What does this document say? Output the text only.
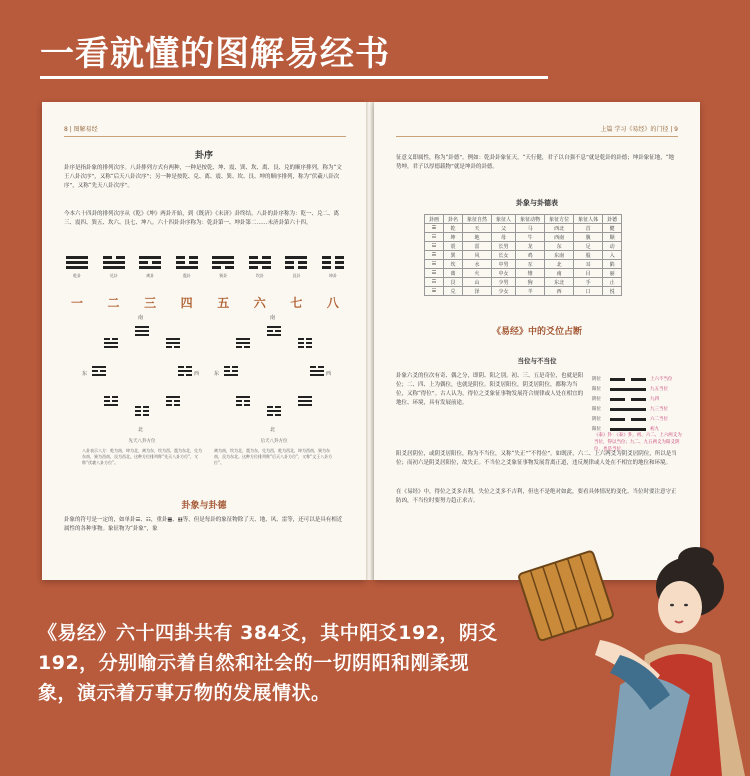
一看就懂的图解易经书
8 | 图解易经
卦序
卦序是指卦象的排列次序。八卦排列方式有两种，一种是按乾、坤、震、巽、坎、离、艮、兑的顺序排列，称为“文王八卦次序”，又称“后天八卦次序”；另一种是按乾、兑、离、震、巽、坎、艮、坤的顺序排列，称为“伏羲八卦次序”，又称“先天八卦次序”。
今本六十四卦的排列次序从《乾》《坤》两卦开始，到《既济》《未济》卦终结。八卦的卦序称为：乾一、兑二、离三、震四、巽五、坎六、艮七、坤八。六十四卦卦序称为：乾卦第一、坤卦第二……未济卦第六十四。
乾卦	兑卦	离卦	震卦	巽卦	坎卦	艮卦	坤卦
一	二	三	四	五	六	七	八
南
北
东	西
先天八卦方位
八卦表示八方：乾为南，坤为北，离为东，坎为西，震为东北，兑为东南，巽为西南，艮为西北。这种方位排列称“先天八卦方位”，又称“伏羲八卦方位”。
南
北
东	西
后天八卦方位
离为南，坎为北，震为东，兑为西，乾为西北，坤为西南，巽为东南，艮为东北。这种方位排列称“后天八卦方位”，又称“文王八卦方位”。
卦象与卦德
卦象的符号是一定的，如单卦☰、☷，重卦䷀、䷁等，但是每卦的象征物除了天、地、风、雷等，还可以是具有相近属性的各种事物。象征物为“卦象”，象
上篇 学习《易经》的门径 | 9
征意义即属性，称为“卦德”。例如：乾卦卦象征天，“天行健，君子以自强不息”就是乾卦的卦德；坤卦象征地，“地势坤，君子以厚德载物”就是坤卦的卦德。
卦象与卦德表
卦画	卦名	象征自然	象征人	象征动物	象征方位	象征人体	卦德
☰	乾	天	父	马	西北	首	健
☷	坤	地	母	牛	西南	腹	顺
☳	震	雷	长男	龙	东	足	动
☴	巽	风	长女	鸡	东南	股	入
☵	坎	水	中男	豕	北	耳	陷
☲	离	火	中女	雉	南	目	丽
☶	艮	山	少男	狗	东北	手	止
☱	兑	泽	少女	羊	西	口	悦
《易经》中的爻位占断
当位与不当位
卦象六爻的位次有奇、偶之分，即阴、阳之别。初、三、五是奇位，也就是阳位；二、四、上为偶位，也就是阴位。阳爻居阳位，阴爻居阴位，都称为当位，又称“得位”。古人认为，得位之爻象征事物发展符合规律或人处在相宜的地位、环境，具有发展前途。
阴位	上六不当位
阳位	九五当位
阴位	九四
阳位	九三当位
阴位	六二当位
阳位	初九
《泰》卦：《泰》卦，初、六二、上六两爻为当位，得以当位；九二、九五两爻为阳爻阴位，也是当位。
阳爻居阴位，或阴爻居阳位，称为不当位，又称“失正”“不得位”。如既济，六二、上六两爻为阴爻居阴位，所以是当位；而初六是阴爻居阳位，故失正。不当位之爻象征事物发展背离正道，违反规律或人处在不相宜的地位和环境。
在《易经》中，得位之爻多吉利，失位之爻多不吉利，但也不是绝对如此，要看具体情况的变化。当位时要注意守正防凶，不当位时要努力趋正求吉。
《易经》六十四卦共有 384爻，其中阳爻192，阴爻192，分别喻示着自然和社会的一切阴阳和刚柔现象，演示着万事万物的发展情状。
